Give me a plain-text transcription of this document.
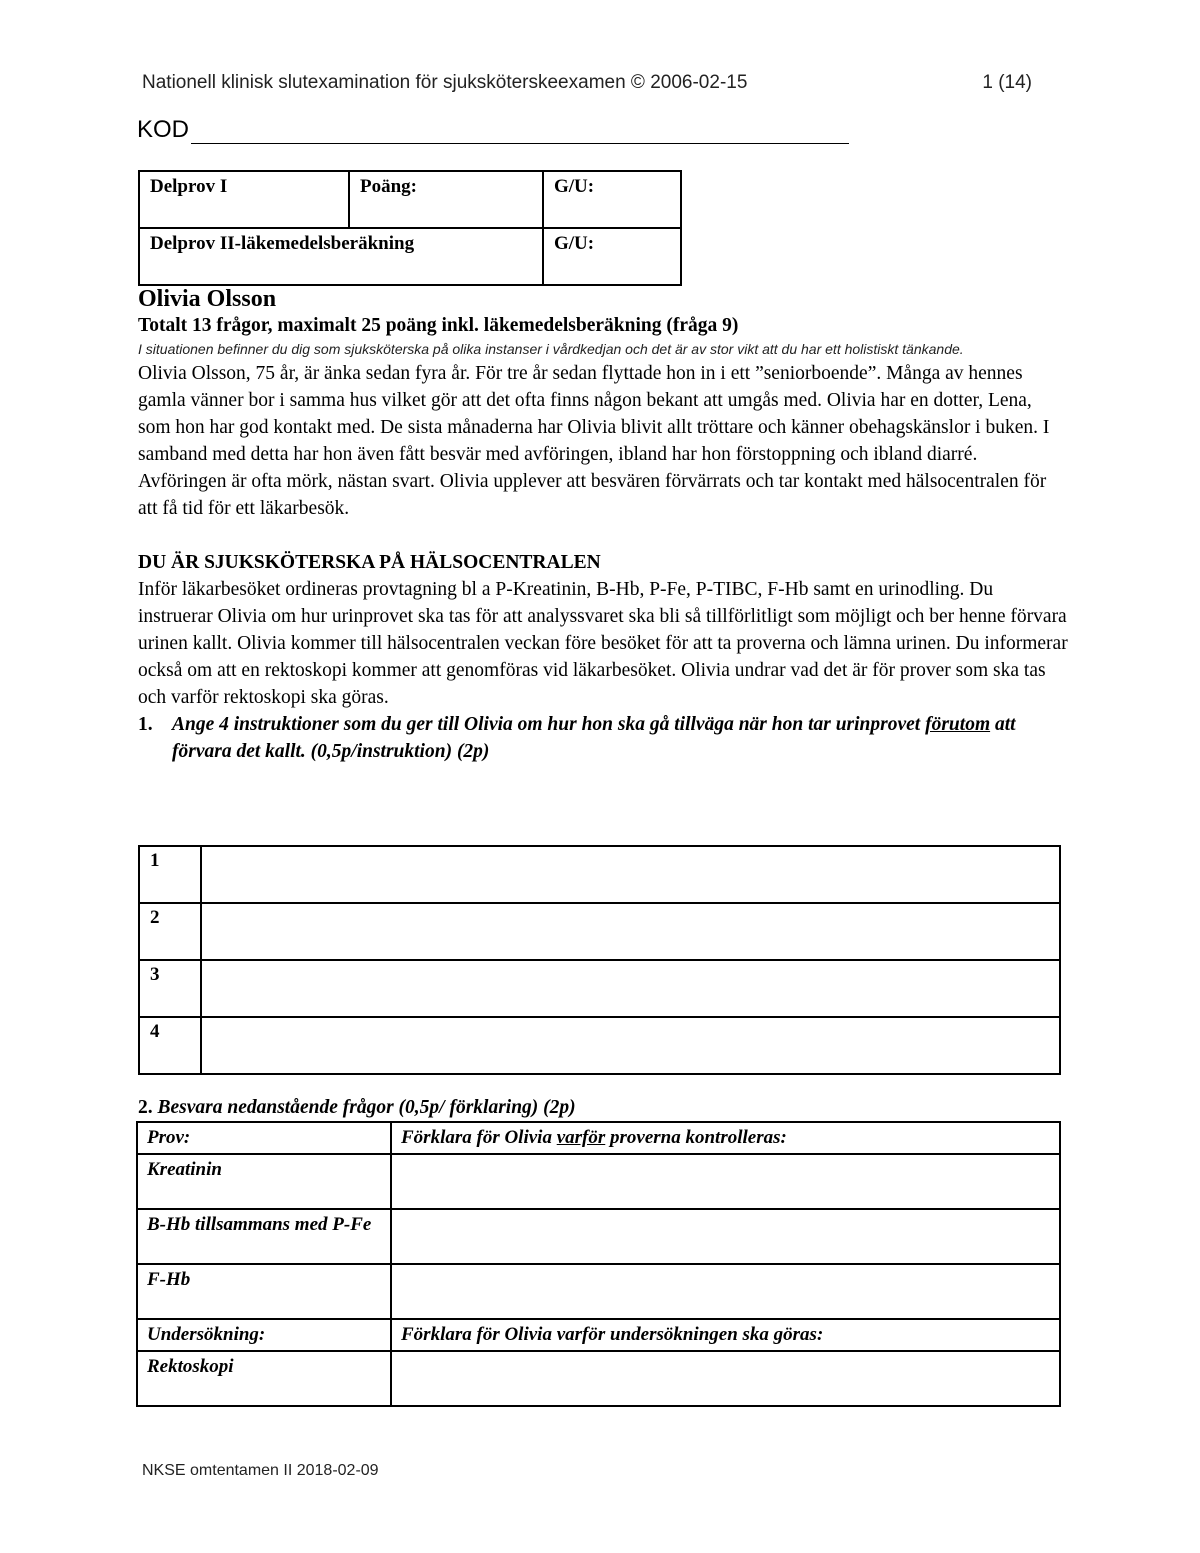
Nationell klinisk slutexamination för sjuksköterskeexamen © 2006-02-15	1 (14)
KOD
Delprov I	Poäng:	G/U:
Delprov II-läkemedelsberäkning		G/U:
Olivia Olsson
Totalt 13 frågor, maximalt 25 poäng inkl. läkemedelsberäkning (fråga 9)
I situationen befinner du dig som sjuksköterska på olika instanser i vårdkedjan och det är av stor vikt att du har ett holistiskt tänkande.

Olivia Olsson, 75 år, är änka sedan fyra år. För tre år sedan flyttade hon in i ett ”seniorboende”. Många av hennes gamla vänner bor i samma hus vilket gör att det ofta finns någon bekant att umgås med. Olivia har en dotter, Lena, som hon har god kontakt med. De sista månaderna har Olivia blivit allt tröttare och känner obehagskänslor i buken. I samband med detta har hon även fått besvär med avföringen, ibland har hon förstoppning och ibland diarré. Avföringen är ofta mörk, nästan svart. Olivia upplever att besvären förvärrats och tar kontakt med hälsocentralen för att få tid för ett läkarbesök.

DU ÄR SJUKSKÖTERSKA PÅ HÄLSOCENTRALEN

Inför läkarbesöket ordineras provtagning bl a P-Kreatinin, B-Hb, P-Fe, P-TIBC, F-Hb samt en urinodling. Du instruerar Olivia om hur urinprovet ska tas för att analyssvaret ska bli så tillförlitligt som möjligt och ber henne förvara urinen kallt. Olivia kommer till hälsocentralen veckan före besöket för att ta proverna och lämna urinen. Du informerar också om att en rektoskopi kommer att genomföras vid läkarbesöket. Olivia undrar vad det är för prover som ska tas och varför rektoskopi ska göras.

1. Ange 4 instruktioner som du ger till Olivia om hur hon ska gå tillväga när hon tar urinprovet förutom att förvara det kallt. (0,5p/instruktion) (2p)
1	
2	
3	
4	
2. Besvara nedanstående frågor (0,5p/ förklaring) (2p)
Prov:	Förklara för Olivia varför proverna kontrolleras:
Kreatinin	
B-Hb tillsammans med P-Fe	
F-Hb	
Undersökning:	Förklara för Olivia varför undersökningen ska göras:
Rektoskopi	
NKSE omtentamen II 2018-02-09
